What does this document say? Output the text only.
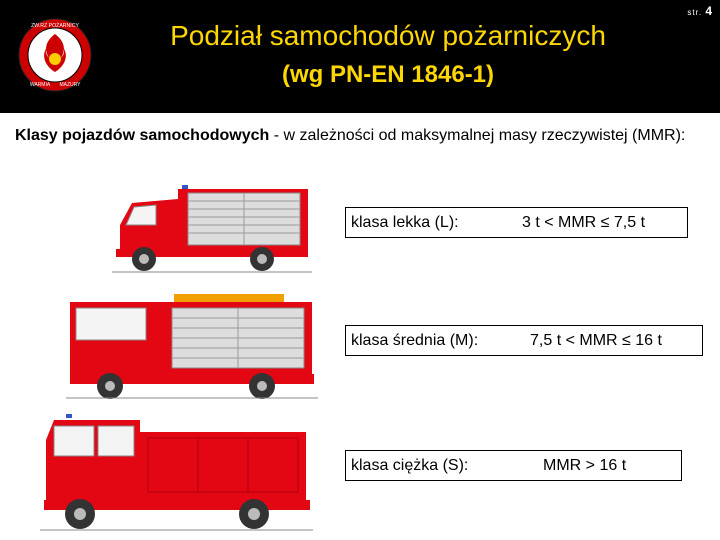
ZW.RZ POŻARNICY
WARMIA MAZURY
Podział samochodów pożarniczych
(wg PN-EN 1846-1)
str. 4
Klasy pojazdów samochodowych - w zależności od maksymalnej masy rzeczywistej (MMR):
klasa lekka (L):	3 t < MMR ≤ 7,5 t
klasa średnia (M):	7,5 t < MMR ≤ 16 t
klasa ciężka (S):	MMR > 16 t
